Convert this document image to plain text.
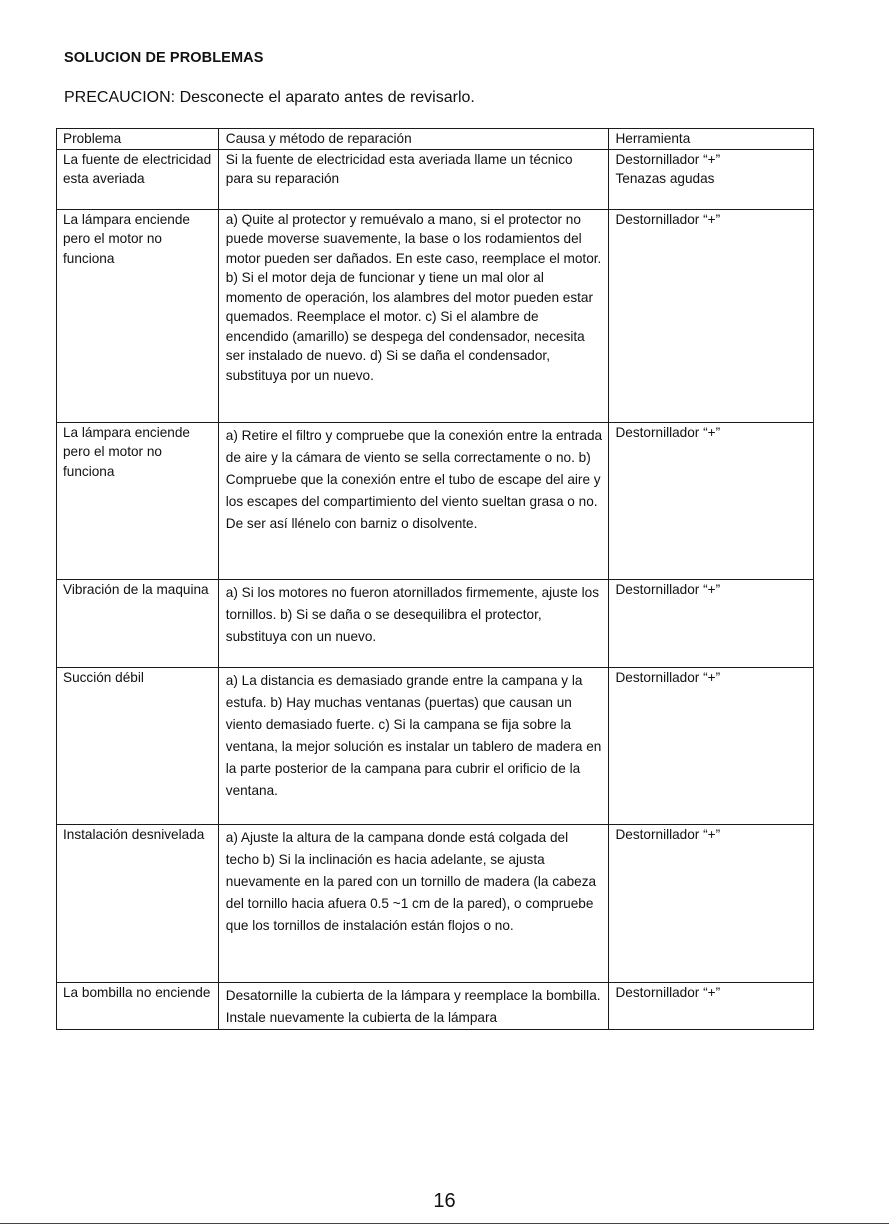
SOLUCION DE PROBLEMAS
PRECAUCION: Desconecte el aparato antes de revisarlo.
Problema	Causa y método de reparación	Herramienta
La fuente de electricidad esta averiada	Si la fuente de electricidad esta averiada llame un técnico para su reparación	Destornillador “+”
Tenazas agudas

La lámpara enciende pero el motor no funciona	a) Quite al protector y remuévalo a mano, si el protector no puede moverse suavemente, la base o los rodamientos del motor pueden ser dañados. En este caso, reemplace el motor. b) Si el motor deja de funcionar y tiene un mal olor al momento de operación, los alambres del motor pueden estar quemados. Reemplace el motor. c) Si el alambre de encendido (amarillo) se despega del condensador, necesita ser instalado de nuevo. d) Si se daña el condensador, substituya por un nuevo.	Destornillador “+”
La lámpara enciende pero el motor no funciona	a) Retire el filtro y compruebe que la conexión entre la entrada de aire y la cámara de viento se sella correctamente o no. b) Compruebe que la conexión entre el tubo de escape del aire y los escapes del compartimiento del viento sueltan grasa o no. De ser así llénelo con barniz o disolvente.	Destornillador “+”
Vibración de la maquina	a) Si los motores no fueron atornillados firmemente, ajuste los tornillos. b) Si se daña o se desequilibra el protector, substituya con un nuevo.	Destornillador “+”
Succión débil	a) La distancia es demasiado grande entre la campana y la estufa. b) Hay muchas ventanas (puertas) que causan un viento demasiado fuerte. c) Si la campana se fija sobre la ventana, la mejor solución es instalar un tablero de madera en la parte posterior de la campana para cubrir el orificio de la ventana.	Destornillador “+”
Instalación desnivelada	a) Ajuste la altura de la campana donde está colgada del techo b) Si la inclinación es hacia adelante, se ajusta nuevamente en la pared con un tornillo de madera (la cabeza del tornillo hacia afuera 0.5 ~1 cm de la pared), o compruebe que los tornillos de instalación están flojos o no.	Destornillador “+”
La bombilla no enciende	Desatornille la cubierta de la lámpara y reemplace la bombilla. Instale nuevamente la cubierta de la lámpara	Destornillador “+”
16
